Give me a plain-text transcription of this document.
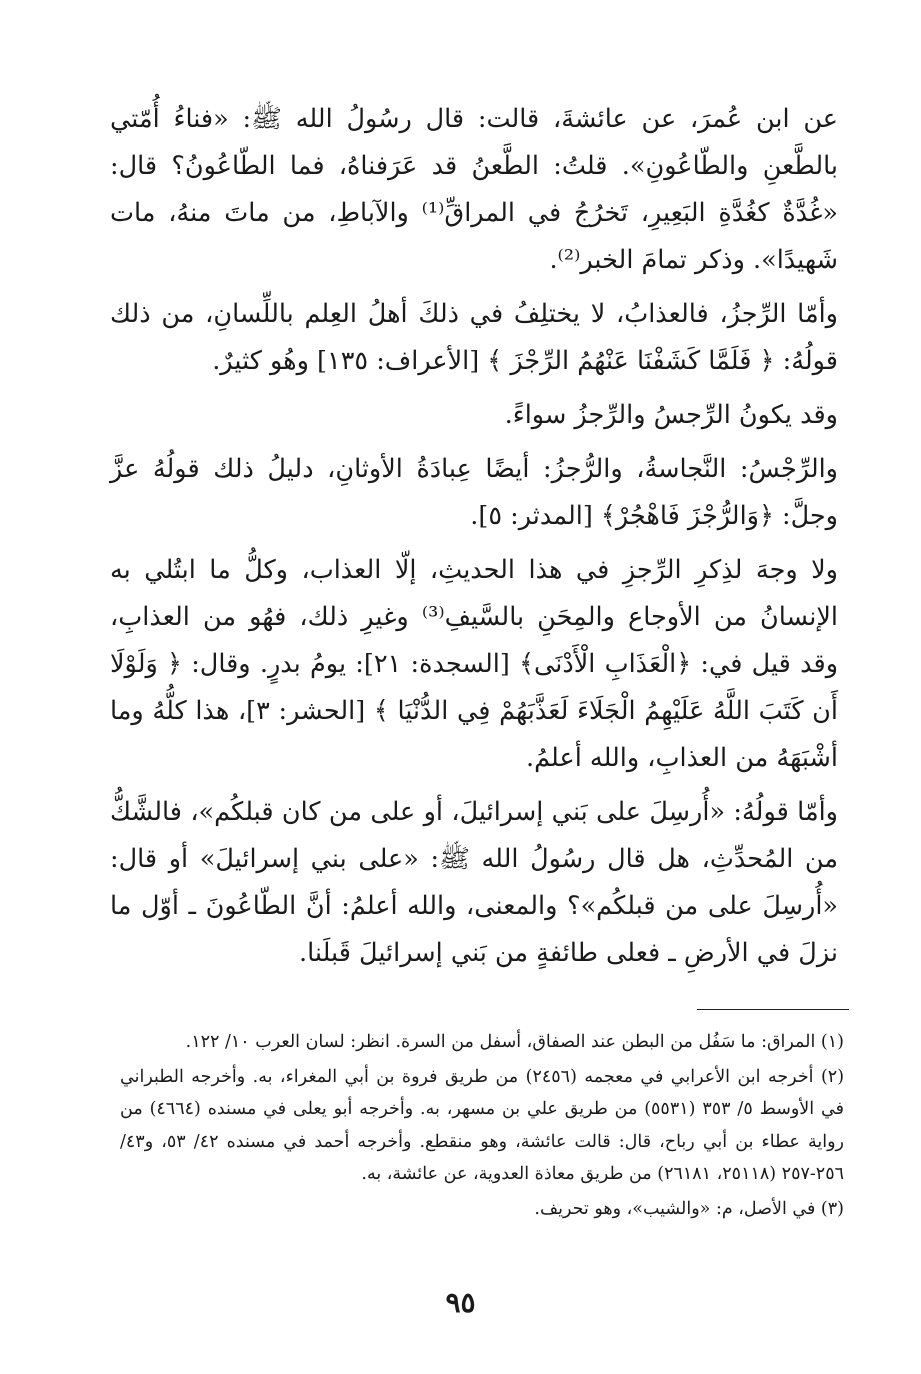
عن ابن عُمرَ، عن عائشةَ، قالت: قال رسُولُ الله ﷺ: «فناءُ أُمّتي بالطَّعنِ والطّاعُونِ». قلتُ: الطَّعنُ قد عَرَفناهُ، فما الطّاعُونُ؟ قال: «غُدَّةٌ كغُدَّةِ البَعِيرِ، تَخرُجُ في المراقِّ⁽¹⁾ والآباطِ، من ماتَ منهُ، مات شَهيدًا». وذكر تمامَ الخبر⁽²⁾.

وأمّا الرِّجزُ، فالعذابُ، لا يختلِفُ في ذلكَ أهلُ العِلم باللِّسانِ، من ذلك قولُهُ: ﴿ فَلَمَّا كَشَفْنَا عَنْهُمُ الرِّجْزَ ﴾ [الأعراف: ١٣٥] وهُو كثيرٌ.

وقد يكونُ الرِّجسُ والرِّجزُ سواءً.

والرِّجْسُ: النَّجاسةُ، والرُّجزُ: أيضًا عِبادَةُ الأوثانِ، دليلُ ذلك قولُهُ عزَّ وجلَّ: ﴿وَالرُّجْزَ فَاهْجُرْ﴾ [المدثر: ٥].

ولا وجهَ لذِكرِ الرِّجزِ في هذا الحديثِ، إلّا العذاب، وكلُّ ما ابتُلي به الإنسانُ من الأوجاع والمِحَنِ بالسَّيفِ⁽³⁾ وغيرِ ذلك، فهُو من العذابِ، وقد قيل في: ﴿الْعَذَابِ الْأَدْنَى﴾ [السجدة: ٢١]: يومُ بدرٍ. وقال: ﴿ وَلَوْلَا أَن كَتَبَ اللَّهُ عَلَيْهِمُ الْجَلَاءَ لَعَذَّبَهُمْ فِي الدُّنْيَا ﴾ [الحشر: ٣]، هذا كلُّهُ وما أشْبَهَهُ من العذابِ، والله أعلمُ.

وأمّا قولُهُ: «أُرسِلَ على بَني إسرائيلَ، أو على من كان قبلكُم»، فالشَّكُّ من المُحدِّثِ، هل قال رسُولُ الله ﷺ: «على بني إسرائيلَ» أو قال: «أُرسِلَ على من قبلكُم»؟ والمعنى، والله أعلمُ: أنَّ الطّاعُونَ ـ أوّل ما نزلَ في الأرضِ ـ فعلى طائفةٍ من بَني إسرائيلَ قَبلَنا.

(١) المراق: ما سَفُل من البطن عند الصفاق، أسفل من السرة. انظر: لسان العرب ١٠/ ١٢٢.

(٢) أخرجه ابن الأعرابي في معجمه (٢٤٥٦) من طريق فروة بن أبي المغراء، به. وأخرجه الطبراني في الأوسط ٥/ ٣٥٣ (٥٥٣١) من طريق علي بن مسهر، به. وأخرجه أبو يعلى في مسنده (٤٦٦٤) من رواية عطاء بن أبي رباح، قال: قالت عائشة، وهو منقطع. وأخرجه أحمد في مسنده ٤٢/ ٥٣، و٤٣/ ٢٥٦-٢٥٧ (٢٥١١٨، ٢٦١٨١) من طريق معاذة العدوية، عن عائشة، به.

(٣) في الأصل، م: «والشيب»، وهو تحريف.

٩٥
